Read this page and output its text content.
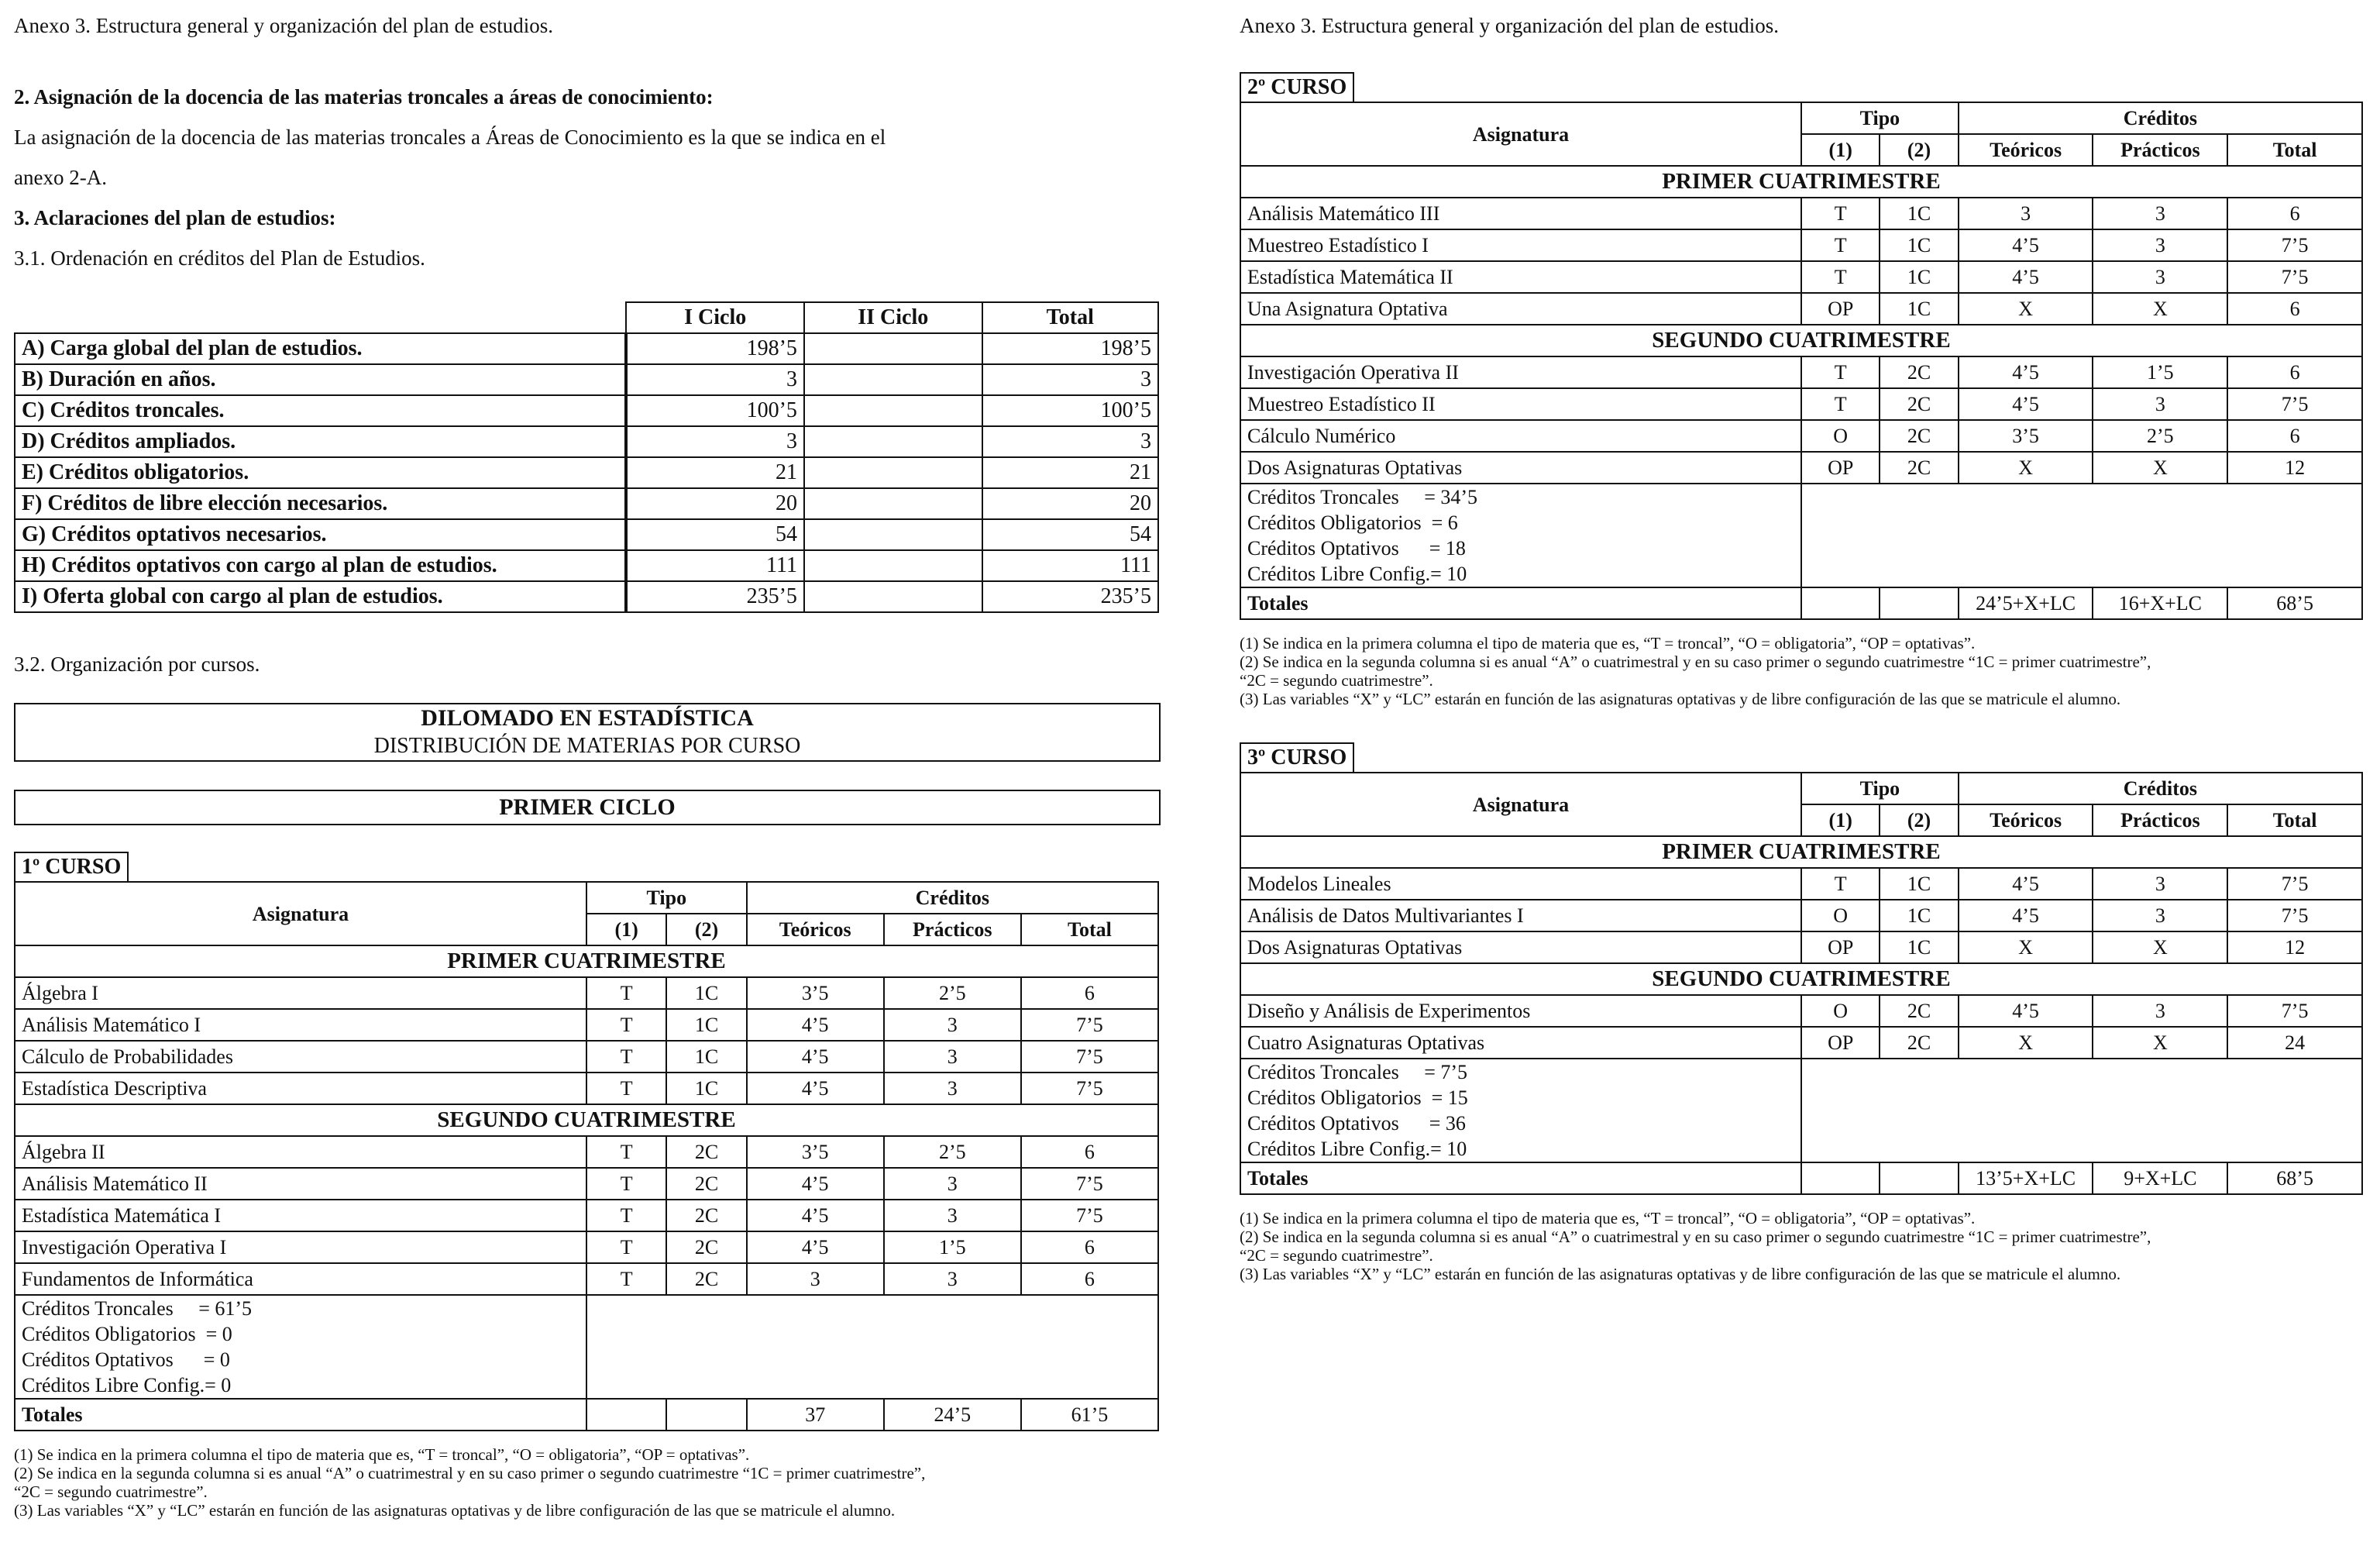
Anexo 3. Estructura general y organización del plan de estudios.
2. Asignación de la docencia de las materias troncales a áreas de conocimiento:
La asignación de la docencia de las materias troncales a Áreas de Conocimiento es la que se indica en el
anexo 2-A.
3. Aclaraciones del plan de estudios:
3.1. Ordenación en créditos del Plan de Estudios.
	I Ciclo	II Ciclo	Total
A) Carga global del plan de estudios.	198’5		198’5
B) Duración en años.	3		3
C) Créditos troncales.	100’5		100’5
D) Créditos ampliados.	3		3
E) Créditos obligatorios.	21		21
F) Créditos de libre elección necesarios.	20		20
G) Créditos optativos necesarios.	54		54
H) Créditos optativos con cargo al plan de estudios.	111		111
I) Oferta global con cargo al plan de estudios.	235’5		235’5
3.2. Organización por cursos.
DILOMADO EN ESTADÍSTICA
DISTRIBUCIÓN DE MATERIAS POR CURSO
PRIMER CICLO
1º CURSO
Asignatura	Tipo		Créditos		
	(1)	(2)	Teóricos	Prácticos	Total
PRIMER CUATRIMESTRE					
Álgebra I	T	1C	3’5	2’5	6
Análisis Matemático I	T	1C	4’5	3	7’5
Cálculo de Probabilidades	T	1C	4’5	3	7’5
Estadística Descriptiva	T	1C	4’5	3	7’5
SEGUNDO CUATRIMESTRE					
Álgebra II	T	2C	3’5	2’5	6
Análisis Matemático II	T	2C	4’5	3	7’5
Estadística Matemática I	T	2C	4’5	3	7’5
Investigación Operativa I	T	2C	4’5	1’5	6
Fundamentos de Informática	T	2C	3	3	6

Créditos Troncales     = 61’5
Créditos Obligatorios  = 0
Créditos Optativos      = 0
Créditos Libre Config.= 0					

Totales			37	24’5	61’5
(1) Se indica en la primera columna el tipo de materia que es, “T = troncal”, “O = obligatoria”, “OP = optativas”.
(2) Se indica en la segunda columna si es anual “A” o cuatrimestral y en su caso primer o segundo cuatrimestre “1C = primer cuatrimestre”,
“2C = segundo cuatrimestre”.
(3) Las variables “X” y “LC” estarán en función de las asignaturas optativas y de libre configuración de las que se matricule el alumno.
Anexo 3. Estructura general y organización del plan de estudios.
2º CURSO
Asignatura	Tipo		Créditos		
	(1)	(2)	Teóricos	Prácticos	Total
PRIMER CUATRIMESTRE					
Análisis Matemático III	T	1C	3	3	6
Muestreo Estadístico I	T	1C	4’5	3	7’5
Estadística Matemática II	T	1C	4’5	3	7’5
Una Asignatura Optativa	OP	1C	X	X	6
SEGUNDO CUATRIMESTRE					
Investigación Operativa II	T	2C	4’5	1’5	6
Muestreo Estadístico II	T	2C	4’5	3	7’5
Cálculo Numérico	O	2C	3’5	2’5	6
Dos Asignaturas Optativas	OP	2C	X	X	12

Créditos Troncales     = 34’5
Créditos Obligatorios  = 6
Créditos Optativos      = 18
Créditos Libre Config.= 10					

Totales			24’5+X+LC	16+X+LC	68’5
(1) Se indica en la primera columna el tipo de materia que es, “T = troncal”, “O = obligatoria”, “OP = optativas”.
(2) Se indica en la segunda columna si es anual “A” o cuatrimestral y en su caso primer o segundo cuatrimestre “1C = primer cuatrimestre”,
“2C = segundo cuatrimestre”.
(3) Las variables “X” y “LC” estarán en función de las asignaturas optativas y de libre configuración de las que se matricule el alumno.
3º CURSO
Asignatura	Tipo		Créditos		
	(1)	(2)	Teóricos	Prácticos	Total
PRIMER CUATRIMESTRE					
Modelos Lineales	T	1C	4’5	3	7’5
Análisis de Datos Multivariantes I	O	1C	4’5	3	7’5
Dos Asignaturas Optativas	OP	1C	X	X	12
SEGUNDO CUATRIMESTRE					
Diseño y Análisis de Experimentos	O	2C	4’5	3	7’5
Cuatro Asignaturas Optativas	OP	2C	X	X	24

Créditos Troncales     = 7’5
Créditos Obligatorios  = 15
Créditos Optativos      = 36
Créditos Libre Config.= 10					

Totales			13’5+X+LC	9+X+LC	68’5
(1) Se indica en la primera columna el tipo de materia que es, “T = troncal”, “O = obligatoria”, “OP = optativas”.
(2) Se indica en la segunda columna si es anual “A” o cuatrimestral y en su caso primer o segundo cuatrimestre “1C = primer cuatrimestre”,
“2C = segundo cuatrimestre”.
(3) Las variables “X” y “LC” estarán en función de las asignaturas optativas y de libre configuración de las que se matricule el alumno.
